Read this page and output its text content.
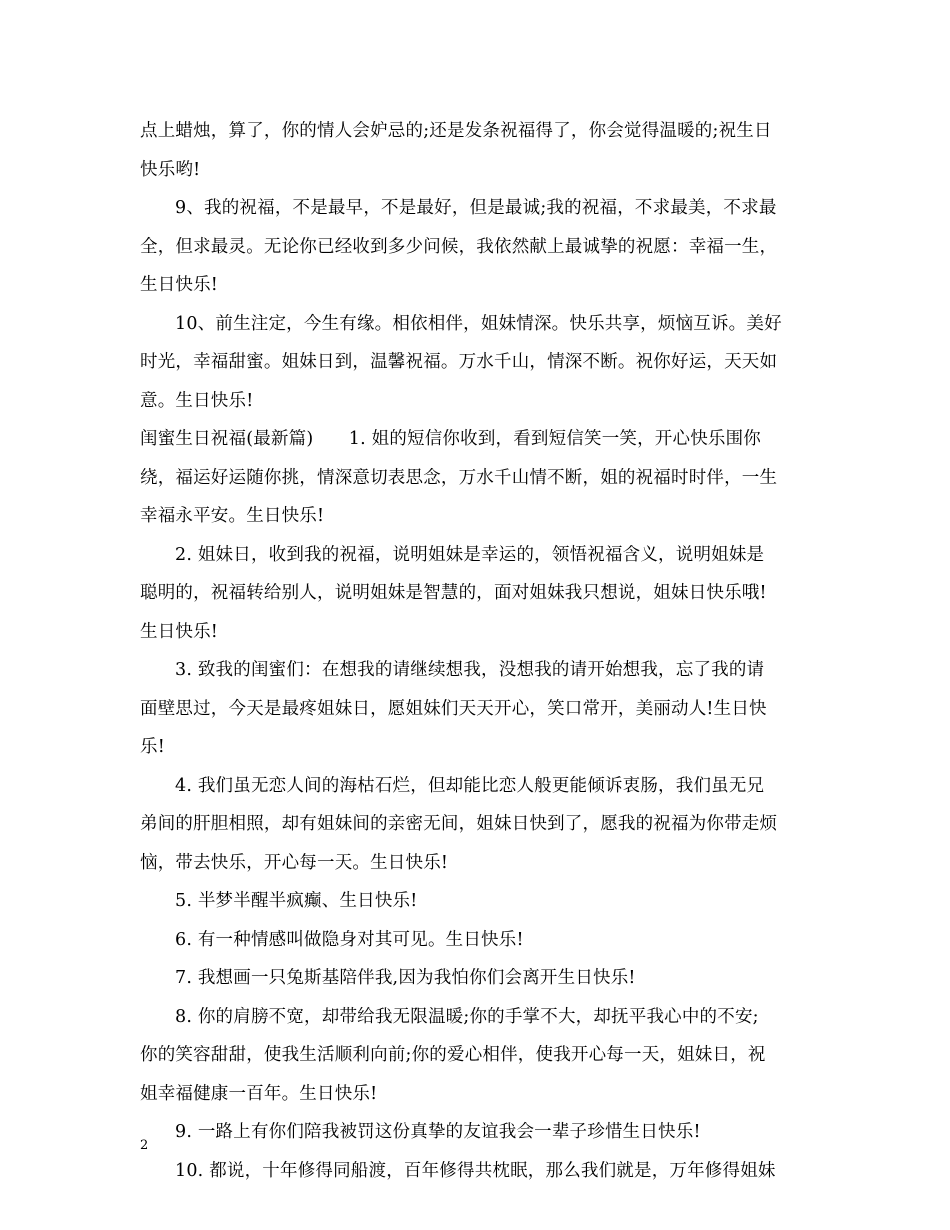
点上蜡烛，算了，你的情人会妒忌的;还是发条祝福得了，你会觉得温暖的;祝生日
快乐哟!
9、我的祝福，不是最早，不是最好，但是最诚;我的祝福，不求最美，不求最
全，但求最灵。无论你已经收到多少问候，我依然献上最诚挚的祝愿：幸福一生，
生日快乐!
10、前生注定，今生有缘。相依相伴，姐妹情深。快乐共享，烦恼互诉。美好
时光，幸福甜蜜。姐妹日到，温馨祝福。万水千山，情深不断。祝你好运，天天如
意。生日快乐!
闺蜜生日祝福(最新篇)　　1. 姐的短信你收到，看到短信笑一笑，开心快乐围你
绕，福运好运随你挑，情深意切表思念，万水千山情不断，姐的祝福时时伴，一生
幸福永平安。生日快乐!
2. 姐妹日，收到我的祝福，说明姐妹是幸运的，领悟祝福含义，说明姐妹是
聪明的，祝福转给别人，说明姐妹是智慧的，面对姐妹我只想说，姐妹日快乐哦!
生日快乐!
3. 致我的闺蜜们：在想我的请继续想我，没想我的请开始想我，忘了我的请
面壁思过，今天是最疼姐妹日，愿姐妹们天天开心，笑口常开，美丽动人!生日快
乐!
4. 我们虽无恋人间的海枯石烂，但却能比恋人般更能倾诉衷肠，我们虽无兄
弟间的肝胆相照，却有姐妹间的亲密无间，姐妹日快到了，愿我的祝福为你带走烦
恼，带去快乐，开心每一天。生日快乐!
5. 半梦半醒半疯癫、生日快乐!
6. 有一种情感叫做隐身对其可见。生日快乐!
7. 我想画一只兔斯基陪伴我,因为我怕你们会离开生日快乐!
8. 你的肩膀不宽，却带给我无限温暖;你的手掌不大，却抚平我心中的不安;
你的笑容甜甜，使我生活顺利向前;你的爱心相伴，使我开心每一天，姐妹日，祝
姐幸福健康一百年。生日快乐!
9. 一路上有你们陪我被罚这份真挚的友谊我会一辈子珍惜生日快乐!
10. 都说，十年修得同船渡，百年修得共枕眠，那么我们就是，万年修得姐妹
2
